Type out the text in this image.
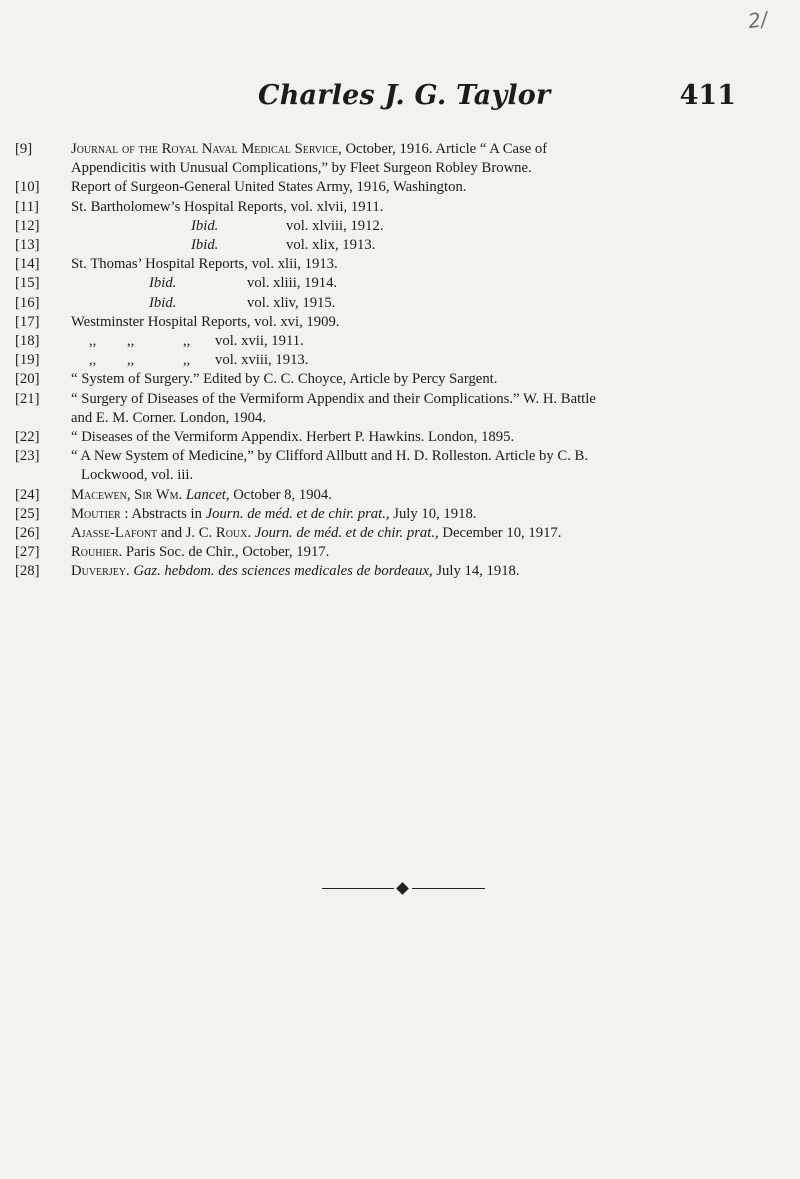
2/
Charles J. G. Taylor	411
[9]	Journal of the Royal Naval Medical Service, October, 1916. Article “ A Case of
Appendicitis with Unusual Complications,” by Fleet Surgeon Robley Browne.
[10]	Report of Surgeon-General United States Army, 1916, Washington.
[11]	St. Bartholomew’s Hospital Reports, vol. xlvii, 1911.
[12]	Ibid.	vol. xlviii, 1912.
[13]	Ibid.	vol. xlix, 1913.
[14]	St. Thomas’ Hospital Reports, vol. xlii, 1913.
[15]	Ibid.	vol. xliii, 1914.
[16]	Ibid.	vol. xliv, 1915.
[17]	Westminster Hospital Reports, vol. xvi, 1909.
[18]	,, ,,	,, vol. xvii, 1911.
[19]	,, ,,	,, vol. xviii, 1913.
[20]	“ System of Surgery.” Edited by C. C. Choyce, Article by Percy Sargent.
[21]	“ Surgery of Diseases of the Vermiform Appendix and their Complications.” W. H. Battle
and E. M. Corner. London, 1904.
[22]	“ Diseases of the Vermiform Appendix. Herbert P. Hawkins. London, 1895.
[23]	“ A New System of Medicine,” by Clifford Allbutt and H. D. Rolleston. Article by C. B.
Lockwood, vol. iii.
[24]	Macewen, Sir Wm. Lancet, October 8, 1904.
[25]	Moutier : Abstracts in Journ. de méd. et de chir. prat., July 10, 1918.
[26]	Ajasse-Lafont and J. C. Roux. Journ. de méd. et de chir. prat., December 10, 1917.
[27]	Rouhier. Paris Soc. de Chir., October, 1917.
[28]	Duverjey. Gaz. hebdom. des sciences medicales de bordeaux, July 14, 1918.
